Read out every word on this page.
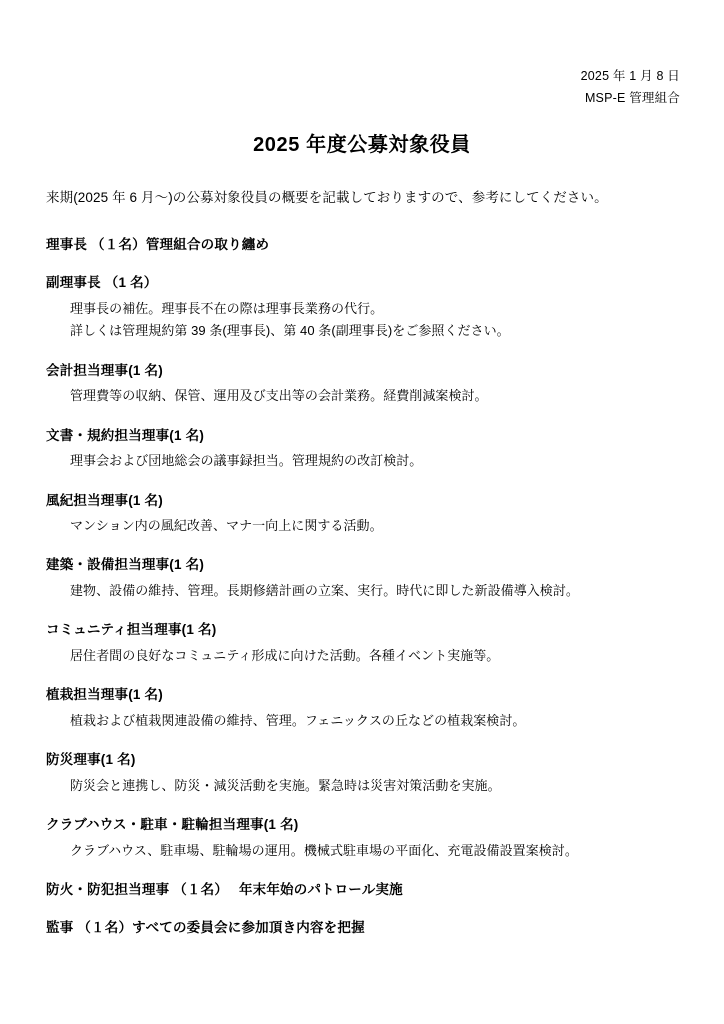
2025 年 1 月 8 日
MSP-E 管理組合
2025 年度公募対象役員

来期(2025 年 6 月～)の公募対象役員の概要を記載しておりますので、参考にしてください。

理事長 （１名）管理組合の取り纏め
副理事長 （1 名）
理事長の補佐。理事長不在の際は理事長業務の代行。
詳しくは管理規約第 39 条(理事長)、第 40 条(副理事長)をご参照ください。
会計担当理事(1 名)
管理費等の収納、保管、運用及び支出等の会計業務。経費削減案検討。
文書・規約担当理事(1 名)
理事会および団地総会の議事録担当。管理規約の改訂検討。
風紀担当理事(1 名)
マンション内の風紀改善、マナ一向上に関する活動。
建築・設備担当理事(1 名)
建物、設備の維持、管理。長期修繕計画の立案、実行。時代に即した新設備導入検討。
コミュニティ担当理事(1 名)
居住者間の良好なコミュニティ形成に向けた活動。各種イベント実施等。
植栽担当理事(1 名)
植栽および植栽関連設備の維持、管理。フェニックスの丘などの植栽案検討。
防災理事(1 名)
防災会と連携し、防災・減災活動を実施。緊急時は災害対策活動を実施。
クラブハウス・駐車・駐輪担当理事(1 名)
クラブハウス、駐車場、駐輪場の運用。機械式駐車場の平面化、充電設備設置案検討。
防火・防犯担当理事 （１名）　 年末年始のパトロール実施
監事 （１名）すべての委員会に参加頂き内容を把握
